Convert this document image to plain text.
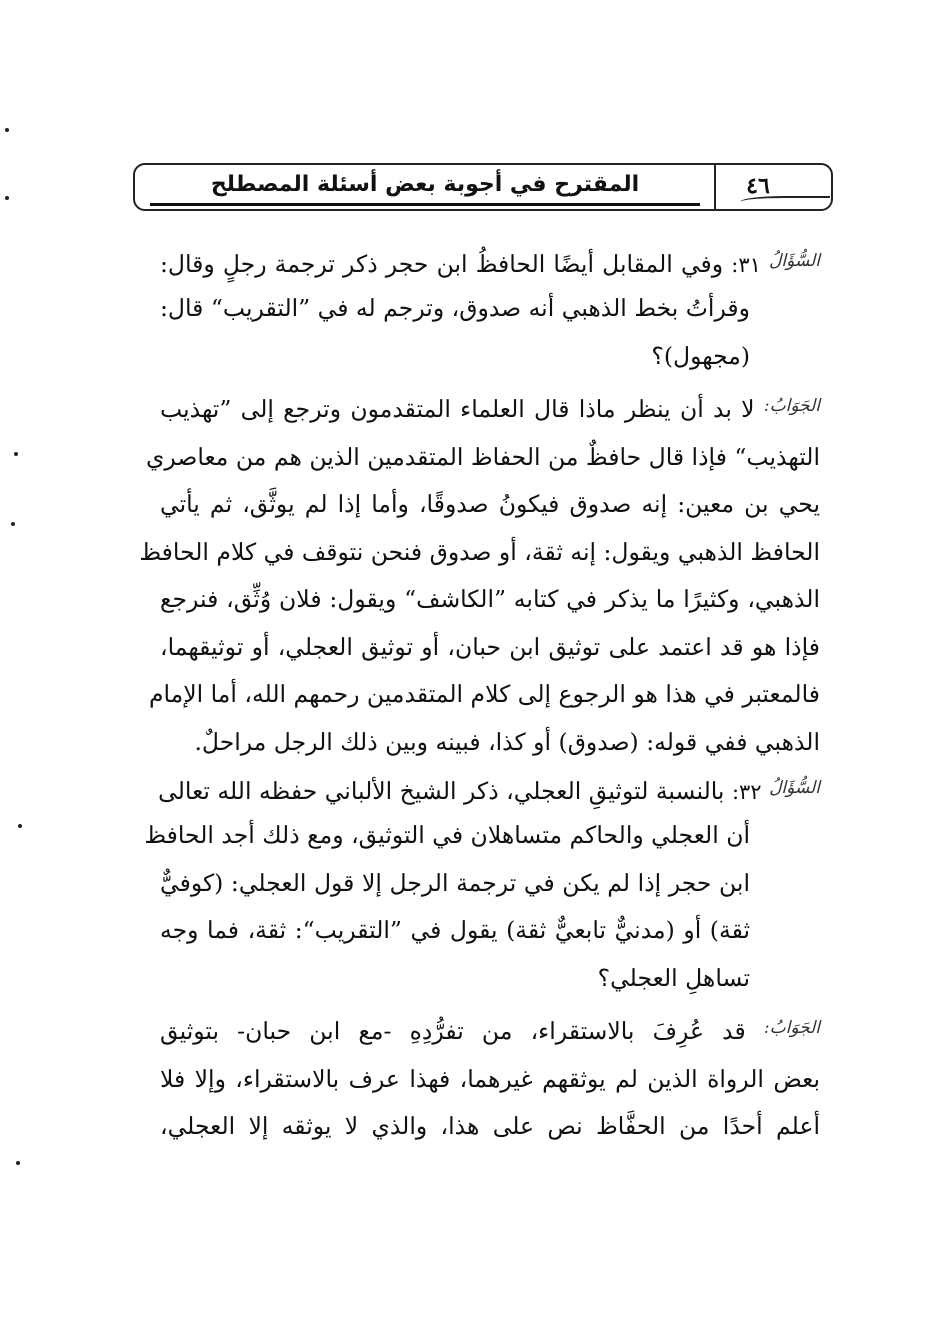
المقترح في أجوبة بعض أسئلة المصطلح	٤٦
$^{السُّؤَالُ}$ ٣١: وفي المقابل أيضًا الحافظُ ابن حجر ذكر ترجمة رجلٍ وقال:
وقرأتُ بخط الذهبي أنه صدوق، وترجم له في ”التقريب“ قال:
(مجهول)؟
$^{الجَوَابُ:}$ لا بد أن ينظر ماذا قال العلماء المتقدمون وترجع إلى ”تهذيب
التهذيب“ فإذا قال حافظٌ من الحفاظ المتقدمين الذين هم من معاصري
يحي بن معين: إنه صدوق فيكونُ صدوقًا، وأما إذا لم يوثَّق، ثم يأتي
الحافظ الذهبي ويقول: إنه ثقة، أو صدوق فنحن نتوقف في كلام الحافظ
الذهبي، وكثيرًا ما يذكر في كتابه ”الكاشف“ ويقول: فلان وُثِّق، فنرجع
فإذا هو قد اعتمد على توثيق ابن حبان، أو توثيق العجلي، أو توثيقهما،
فالمعتبر في هذا هو الرجوع إلى كلام المتقدمين رحمهم الله، أما الإمام
الذهبي ففي قوله: (صدوق) أو كذا، فبينه وبين ذلك الرجل مراحلٌ.
$^{السُّؤَالُ}$ ٣٢: بالنسبة لتوثيقِ العجلي، ذكر الشيخ الألباني حفظه الله تعالى
أن العجلي والحاكم متساهلان في التوثيق، ومع ذلك أجد الحافظ
ابن حجر إذا لم يكن في ترجمة الرجل إلا قول العجلي: (كوفيٌّ
ثقة) أو (مدنيٌّ تابعيٌّ ثقة) يقول في ”التقريب“: ثقة، فما وجه
تساهلِ العجلي؟
$^{الجَوَابُ:}$ قد عُرِفَ بالاستقراء، من تفرُّدِهِ -مع ابن حبان- بتوثيق
بعض الرواة الذين لم يوثقهم غيرهما، فهذا عرف بالاستقراء، وإلا فلا
أعلم أحدًا من الحفَّاظ نص على هذا، والذي لا يوثقه إلا العجلي،
